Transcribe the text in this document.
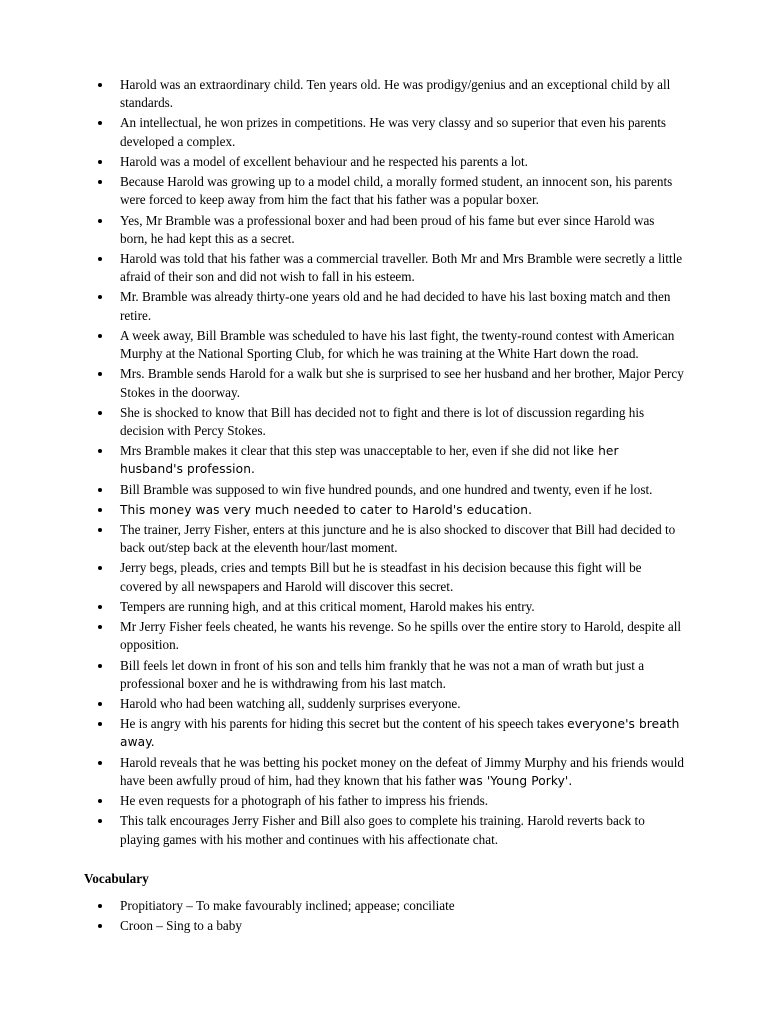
Harold was an extraordinary child. Ten years old. He was prodigy/genius and an exceptional child by all standards.
An intellectual, he won prizes in competitions. He was very classy and so superior that even his parents developed a complex.
Harold was a model of excellent behaviour and he respected his parents a lot.
Because Harold was growing up to a model child, a morally formed student, an innocent son, his parents were forced to keep away from him the fact that his father was a popular boxer.
Yes, Mr Bramble was a professional boxer and had been proud of his fame but ever since Harold was born, he had kept this as a secret.
Harold was told that his father was a commercial traveller. Both Mr and Mrs Bramble were secretly a little afraid of their son and did not wish to fall in his esteem.
Mr. Bramble was already thirty-one years old and he had decided to have his last boxing match and then retire.
A week away, Bill Bramble was scheduled to have his last fight, the twenty-round contest with American Murphy at the National Sporting Club, for which he was training at the White Hart down the road.
Mrs. Bramble sends Harold for a walk but she is surprised to see her husband and her brother, Major Percy Stokes in the doorway.
She is shocked to know that Bill has decided not to fight and there is lot of discussion regarding his decision with Percy Stokes.
Mrs Bramble makes it clear that this step was unacceptable to her, even if she did not like her husband's profession.
Bill Bramble was supposed to win five hundred pounds, and one hundred and twenty, even if he lost.
This money was very much needed to cater to Harold's education.
The trainer, Jerry Fisher, enters at this juncture and he is also shocked to discover that Bill had decided to back out/step back at the eleventh hour/last moment.
Jerry begs, pleads, cries and tempts Bill but he is steadfast in his decision because this fight will be covered by all newspapers and Harold will discover this secret.
Tempers are running high, and at this critical moment, Harold makes his entry.
Mr Jerry Fisher feels cheated, he wants his revenge. So he spills over the entire story to Harold, despite all opposition.
Bill feels let down in front of his son and tells him frankly that he was not a man of wrath but just a professional boxer and he is withdrawing from his last match.
Harold who had been watching all, suddenly surprises everyone.
He is angry with his parents for hiding this secret but the content of his speech takes everyone's breath away.
Harold reveals that he was betting his pocket money on the defeat of Jimmy Murphy and his friends would have been awfully proud of him, had they known that his father was 'Young Porky'.
He even requests for a photograph of his father to impress his friends.
This talk encourages Jerry Fisher and Bill also goes to complete his training. Harold reverts back to playing games with his mother and continues with his affectionate chat.
Vocabulary
Propitiatory – To make favourably inclined; appease; conciliate
Croon – Sing to a baby
